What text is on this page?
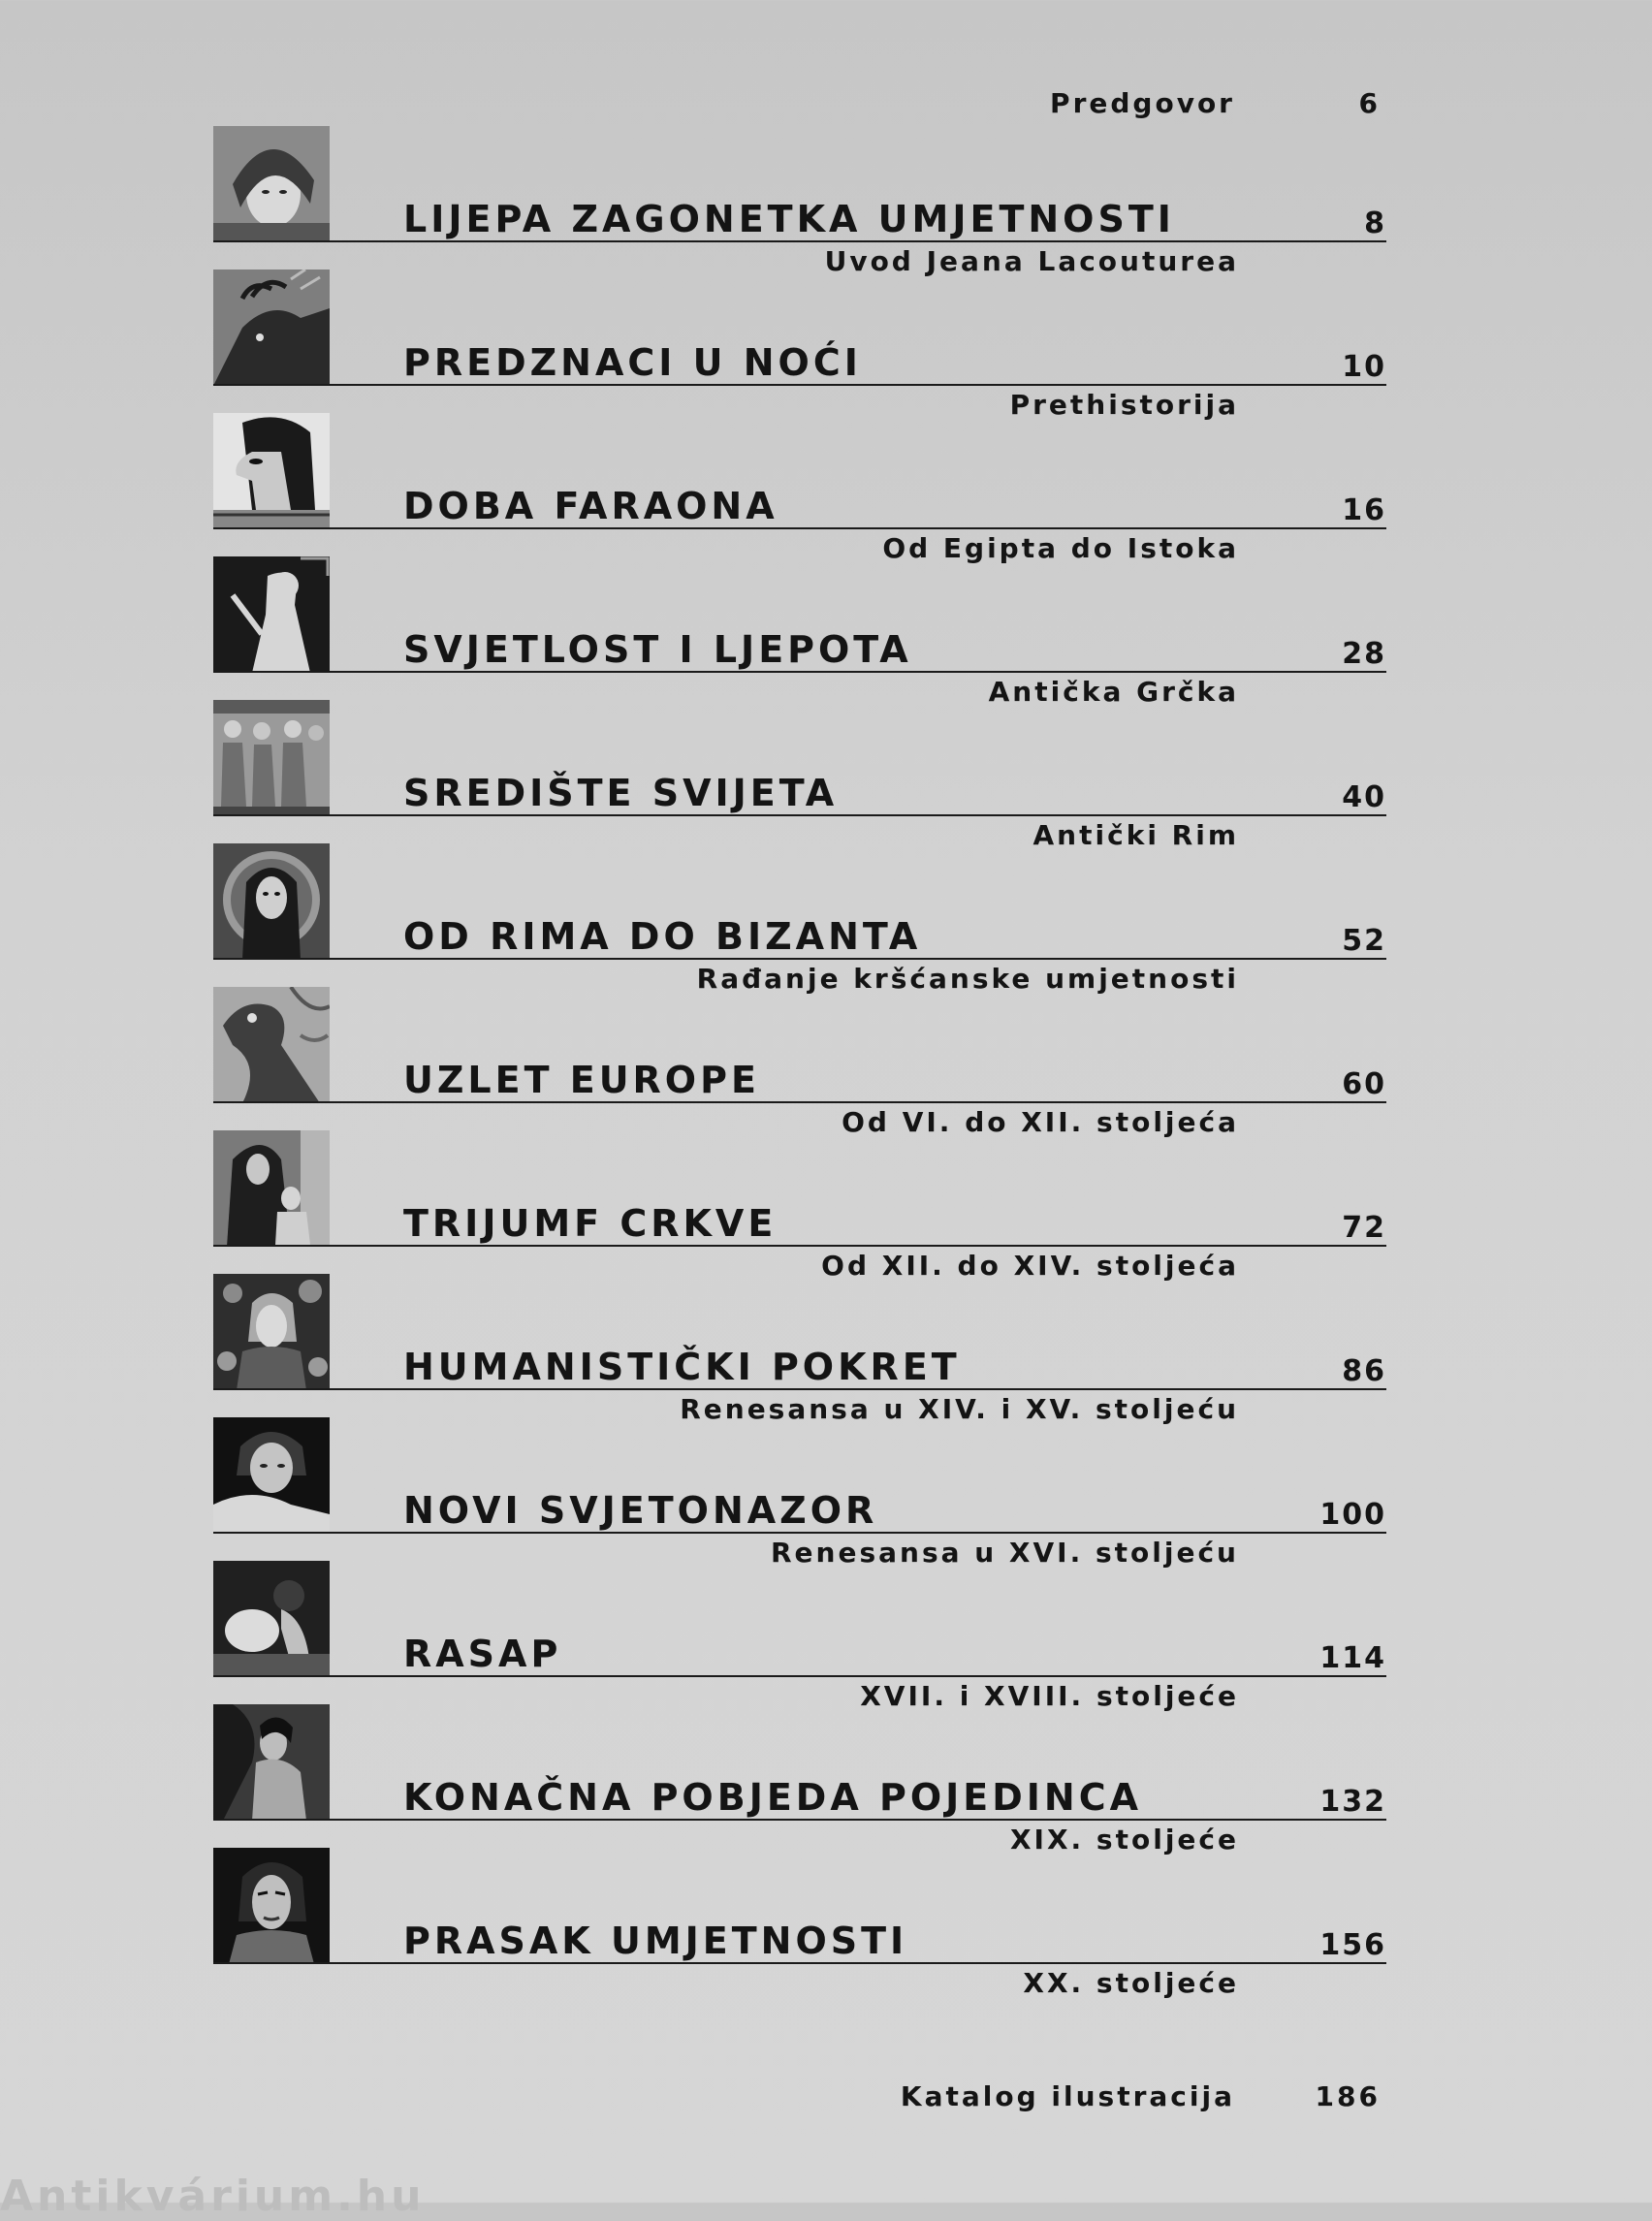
Predgovor	6
LIJEPA ZAGONETKA UMJETNOSTI	8
Uvod Jeana Lacouturea
PREDZNACI U NOĆI	10
Prethistorija
DOBA FARAONA	16
Od Egipta do Istoka
SVJETLOST I LJEPOTA	28
Antička Grčka
SREDIŠTE SVIJETA	40
Antički Rim
OD RIMA DO BIZANTA	52
Rađanje kršćanske umjetnosti
UZLET EUROPE	60
Od VI. do XII. stoljeća
TRIJUMF CRKVE	72
Od XII. do XIV. stoljeća
HUMANISTIČKI POKRET	86
Renesansa u XIV. i XV. stoljeću
NOVI SVJETONAZOR	100
Renesansa u XVI. stoljeću
RASAP	114
XVII. i XVIII. stoljeće
KONAČNA POBJEDA POJEDINCA	132
XIX. stoljeće
PRASAK UMJETNOSTI	156
XX. stoljeće
Katalog ilustracija	186
Antikvárium.hu
